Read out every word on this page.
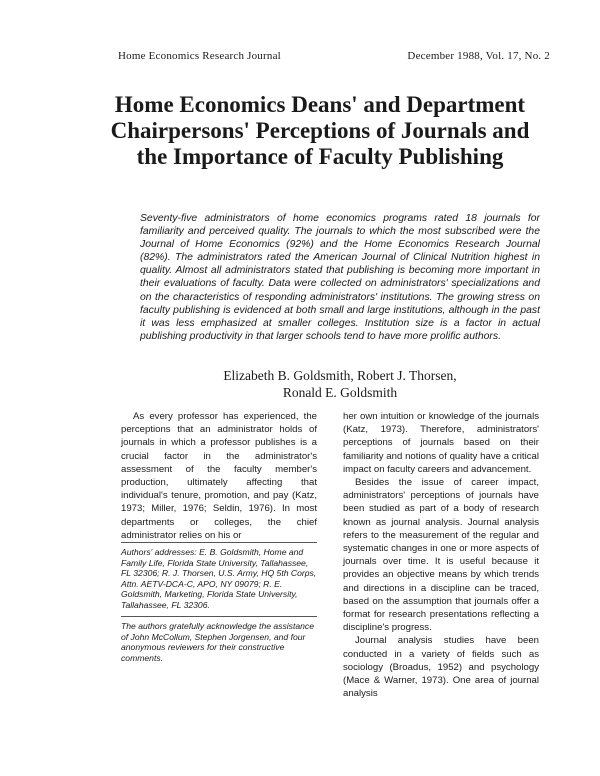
Home Economics Research Journal	December 1988, Vol. 17, No. 2
Home Economics Deans' and Department Chairpersons' Perceptions of Journals and the Importance of Faculty Publishing

Seventy-five administrators of home economics programs rated 18 journals for familiarity and perceived quality. The journals to which the most subscribed were the Journal of Home Economics (92%) and the Home Economics Research Journal (82%). The administrators rated the American Journal of Clinical Nutrition highest in quality. Almost all administrators stated that publishing is becoming more important in their evaluations of faculty. Data were collected on administrators' specializations and on the characteristics of responding administrators' institutions. The growing stress on faculty publishing is evidenced at both small and large institutions, although in the past it was less emphasized at smaller colleges. Institution size is a factor in actual publishing productivity in that larger schools tend to have more prolific authors.

Elizabeth B. Goldsmith, Robert J. Thorsen,
Ronald E. Goldsmith

As every professor has experienced, the perceptions that an administrator holds of journals in which a professor publishes is a crucial factor in the administrator's assessment of the faculty member's production, ultimately affecting that individual's tenure, promotion, and pay (Katz, 1973; Miller, 1976; Seldin, 1976). In most departments or colleges, the chief administrator relies on his or

Authors' addresses: E. B. Goldsmith, Home and Family Life, Florida State University, Tallahassee, FL 32306; R. J. Thorsen, U.S. Army, HQ 5th Corps, Attn. AETV-DCA-C, APO, NY 09079; R. E. Goldsmith, Marketing, Florida State University, Tallahassee, FL 32306.

The authors gratefully acknowledge the assistance of John McCollum, Stephen Jorgensen, and four anonymous reviewers for their constructive comments.

her own intuition or knowledge of the journals (Katz, 1973). Therefore, administrators' perceptions of journals based on their familiarity and notions of quality have a critical impact on faculty careers and advancement.

Besides the issue of career impact, administrators' perceptions of journals have been studied as part of a body of research known as journal analysis. Journal analysis refers to the measurement of the regular and systematic changes in one or more aspects of journals over time. It is useful because it provides an objective means by which trends and directions in a discipline can be traced, based on the assumption that journals offer a format for research presentations reflecting a discipline's progress.

Journal analysis studies have been conducted in a variety of fields such as sociology (Broadus, 1952) and psychology (Mace & Warner, 1973). One area of journal analysis
